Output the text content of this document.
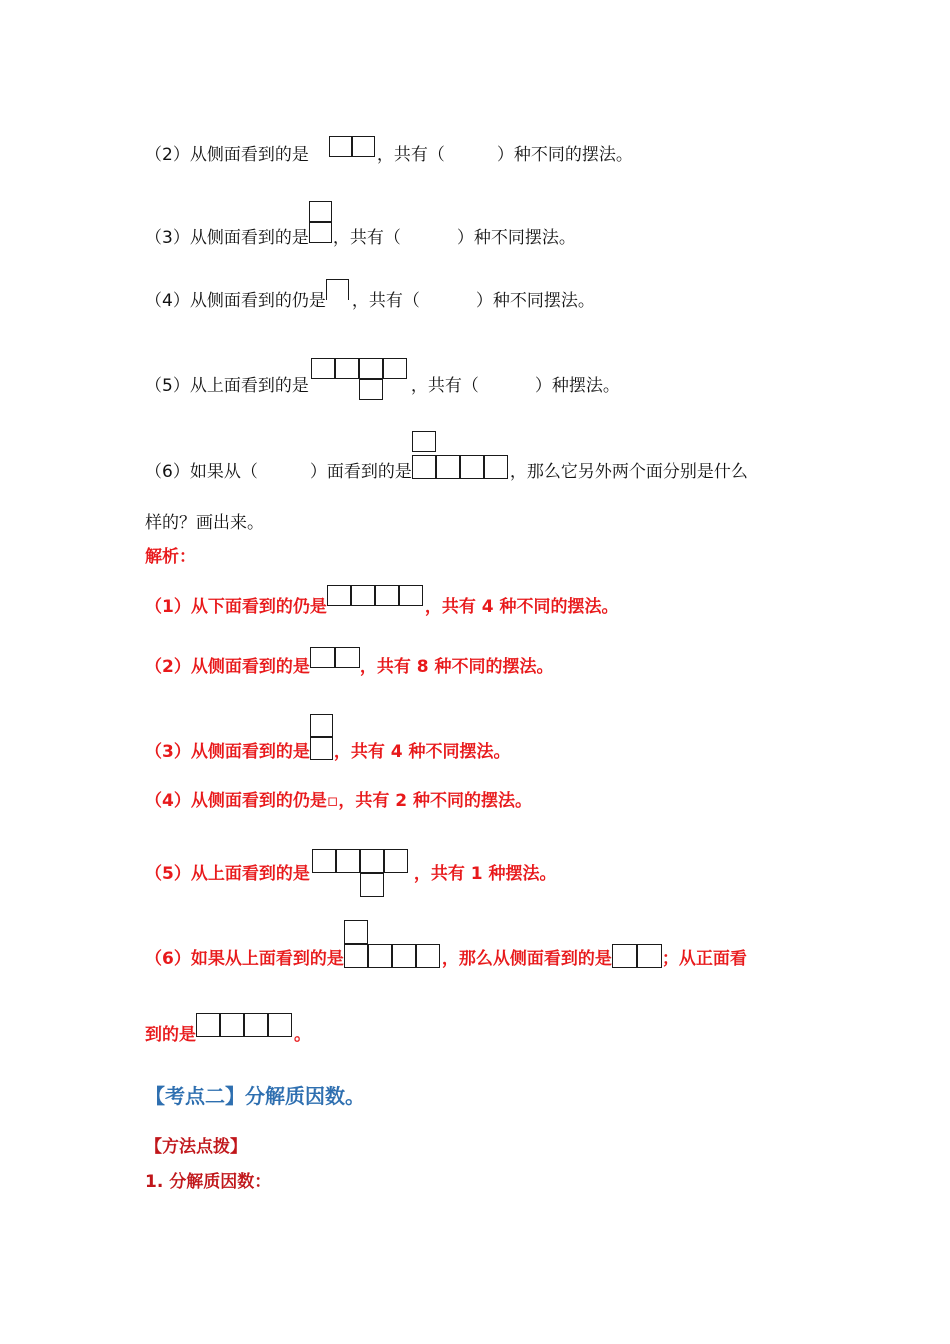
（2）从侧面看到的是	，共有（	）种不同的摆法。
（3）从侧面看到的是 ，共有（	）种不同摆法。
（4）从侧面看到的仍是 ，共有（	）种不同摆法。
（5）从上面看到的是	，共有（	）种摆法。
（6）如果从（	）面看到的是	，那么它另外两个面分别是什么
样的？画出来。
解析：
（1）从下面看到的仍是	，共有 4 种不同的摆法。
（2）从侧面看到的是	，共有 8 种不同的摆法。
（3）从侧面看到的是 ，共有 4 种不同摆法。
（4）从侧面看到的仍是▫，共有 2 种不同的摆法。
（5）从上面看到的是	，共有 1 种摆法。
（6）如果从上面看到的是	，那么从侧面看到的是	；从正面看
到的是	。
【考点二】分解质因数。
【方法点拨】
1. 分解质因数：
